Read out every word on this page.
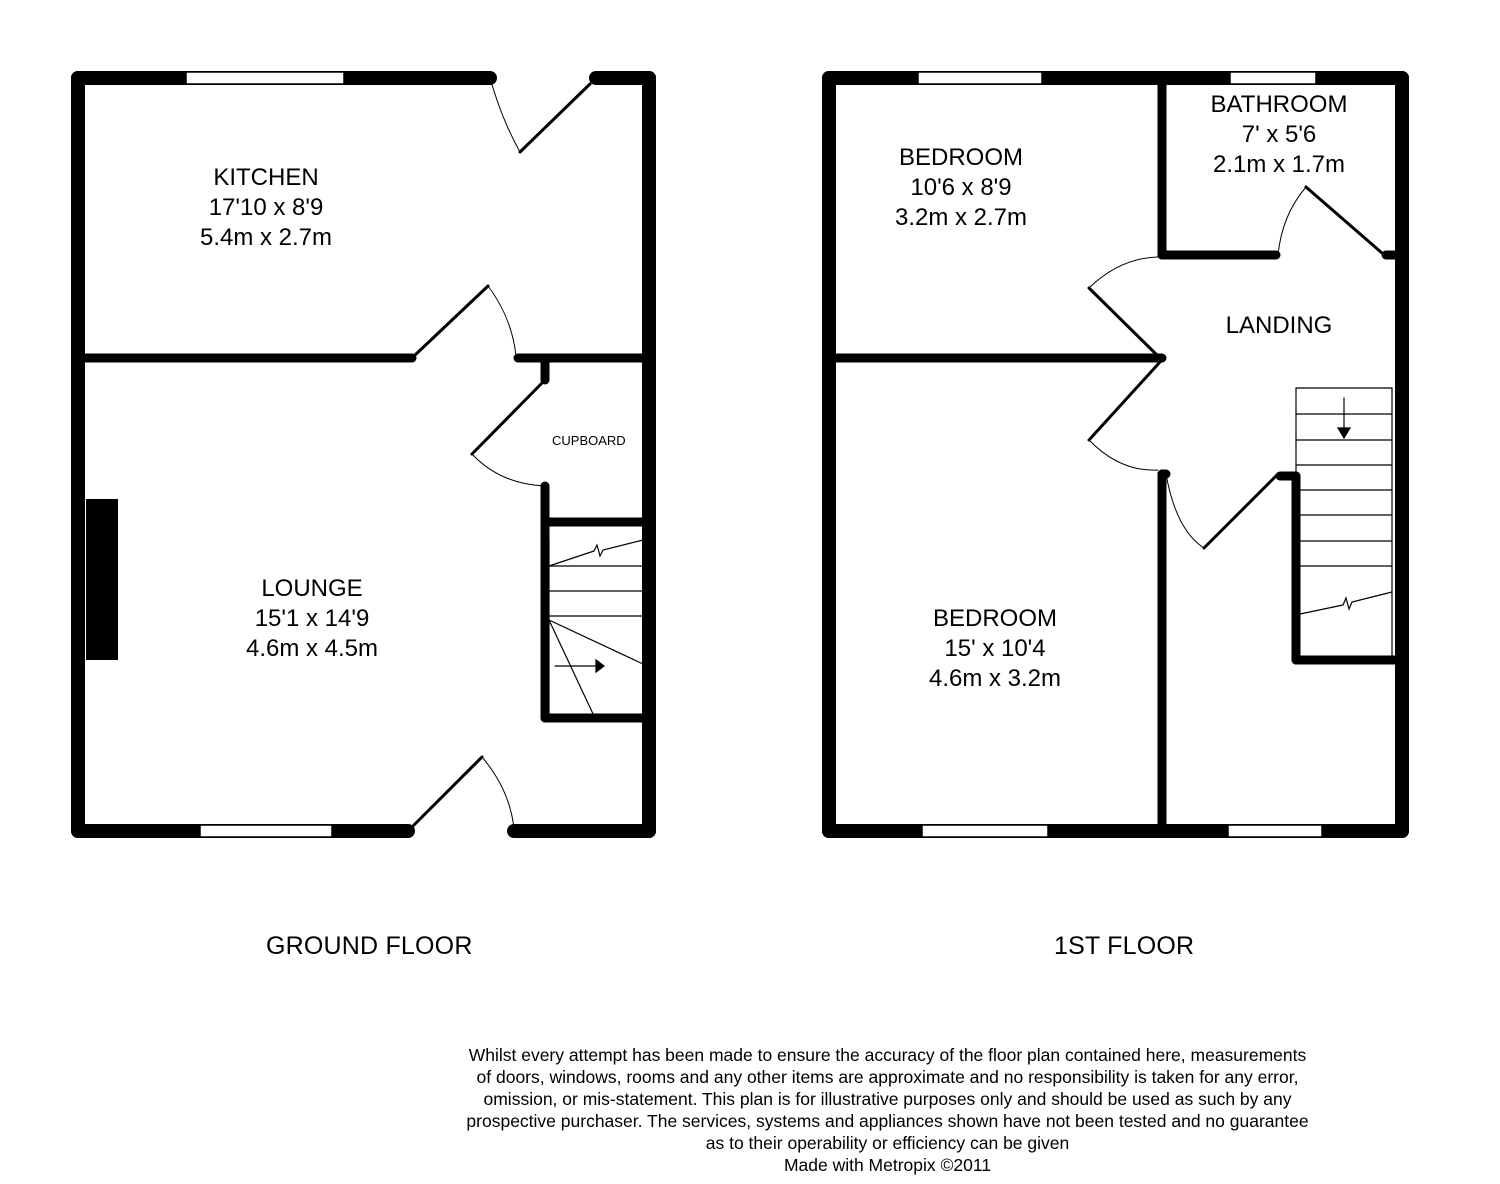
KITCHEN
17'10 x 8'9
5.4m x 2.7m
LOUNGE
15'1 x 14'9
4.6m x 4.5m
CUPBOARD
BEDROOM
10'6 x 8'9
3.2m x 2.7m
BATHROOM
7' x 5'6
2.1m x 1.7m
LANDING
BEDROOM
15' x 10'4
4.6m x 3.2m
GROUND FLOOR	1ST FLOOR
Whilst every attempt has been made to ensure the accuracy of the floor plan contained here, measurements
of doors, windows, rooms and any other items are approximate and no responsibility is taken for any error,
omission, or mis-statement. This plan is for illustrative purposes only and should be used as such by any
prospective purchaser. The services, systems and appliances shown have not been tested and no guarantee
as to their operability or efficiency can be given
Made with Metropix ©2011
